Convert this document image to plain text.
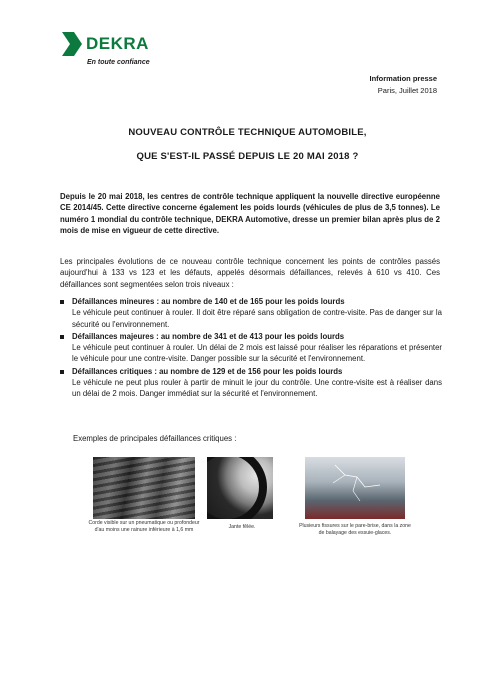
DEKRA
En toute confiance
Information presse
Paris, Juillet 2018
NOUVEAU CONTRÔLE TECHNIQUE AUTOMOBILE,
QUE S'EST-IL PASSÉ DEPUIS LE 20 MAI 2018 ?
Depuis le 20 mai 2018, les centres de contrôle technique appliquent la nouvelle directive européenne CE 2014/45. Cette directive concerne également les poids lourds (véhicules de plus de 3,5 tonnes). Le numéro 1 mondial du contrôle technique, DEKRA Automotive, dresse un premier bilan après plus de 2 mois de mise en vigueur de cette directive.
Les principales évolutions de ce nouveau contrôle technique concernent les points de contrôles passés aujourd'hui à 133 vs 123 et les défauts, appelés désormais défaillances, relevés à 610 vs 410. Ces défaillances sont segmentées selon trois niveaux :
Défaillances mineures : au nombre de 140 et de 165 pour les poids lourds
Le véhicule peut continuer à rouler. Il doit être réparé sans obligation de contre-visite. Pas de danger sur la sécurité ou l'environnement.
Défaillances majeures : au nombre de 341 et de 413 pour les poids lourds
Le véhicule peut continuer à rouler. Un délai de 2 mois est laissé pour réaliser les réparations et présenter le véhicule pour une contre-visite. Danger possible sur la sécurité et l'environnement.
Défaillances critiques : au nombre de 129 et de 156 pour les poids lourds
Le véhicule ne peut plus rouler à partir de minuit le jour du contrôle. Une contre-visite est à réaliser dans un délai de 2 mois. Danger immédiat sur la sécurité et l'environnement.
Exemples de principales défaillances critiques :
Corde visible sur un pneumatique ou profondeur d'au moins une rainure inférieure à 1,6 mm	Jante fêlée.	Plusieurs fissures sur le pare-brise, dans la zone de balayage des essuie-glaces.
